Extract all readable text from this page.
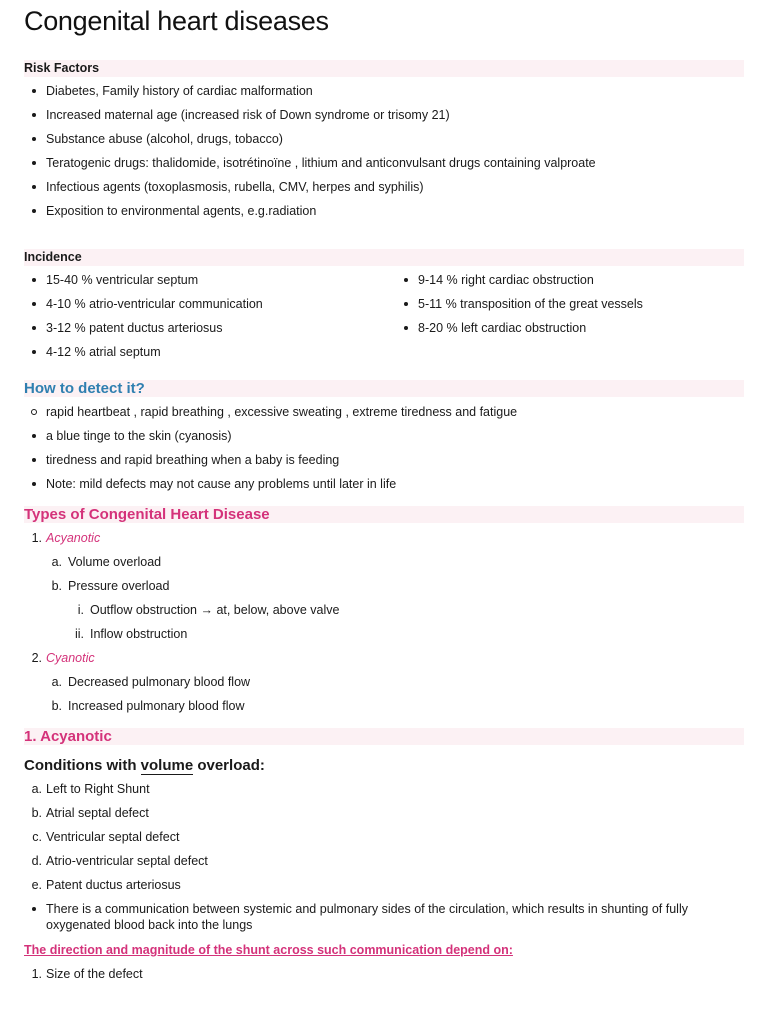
Congenital heart diseases
Risk Factors
Diabetes, Family history of cardiac malformation
Increased maternal age (increased risk of Down syndrome or trisomy 21)
Substance abuse (alcohol, drugs, tobacco)
Teratogenic drugs: thalidomide, isotrétinoïne , lithium and anticonvulsant drugs containing valproate
Infectious agents (toxoplasmosis, rubella, CMV, herpes and syphilis)
Exposition to environmental agents, e.g.radiation
Incidence
15-40 % ventricular septum
4-10 % atrio-ventricular communication
3-12 % patent ductus arteriosus
4-12 % atrial septum
9-14 % right cardiac obstruction
5-11 % transposition of the great vessels
8-20 % left cardiac obstruction
How to detect it?
rapid heartbeat , rapid breathing , excessive sweating , extreme tiredness and fatigue
a blue tinge to the skin (cyanosis)
tiredness and rapid breathing when a baby is feeding
Note: mild defects may not cause any problems until later in life
Types of Congenital Heart Disease
1. Acyanotic
a. Volume overload
b. Pressure overload
i. Outflow obstruction → at, below, above valve
ii. Inflow obstruction
2. Cyanotic
a. Decreased pulmonary blood flow
b. Increased pulmonary blood flow
1. Acyanotic
Conditions with volume overload:
a. Left to Right Shunt
b. Atrial septal defect
c. Ventricular septal defect
d. Atrio-ventricular septal defect
e. Patent ductus arteriosus
There is a communication between systemic and pulmonary sides of the circulation, which results in shunting of fully oxygenated blood back into the lungs
The direction and magnitude of the shunt across such communication depend on:
1. Size of the defect
